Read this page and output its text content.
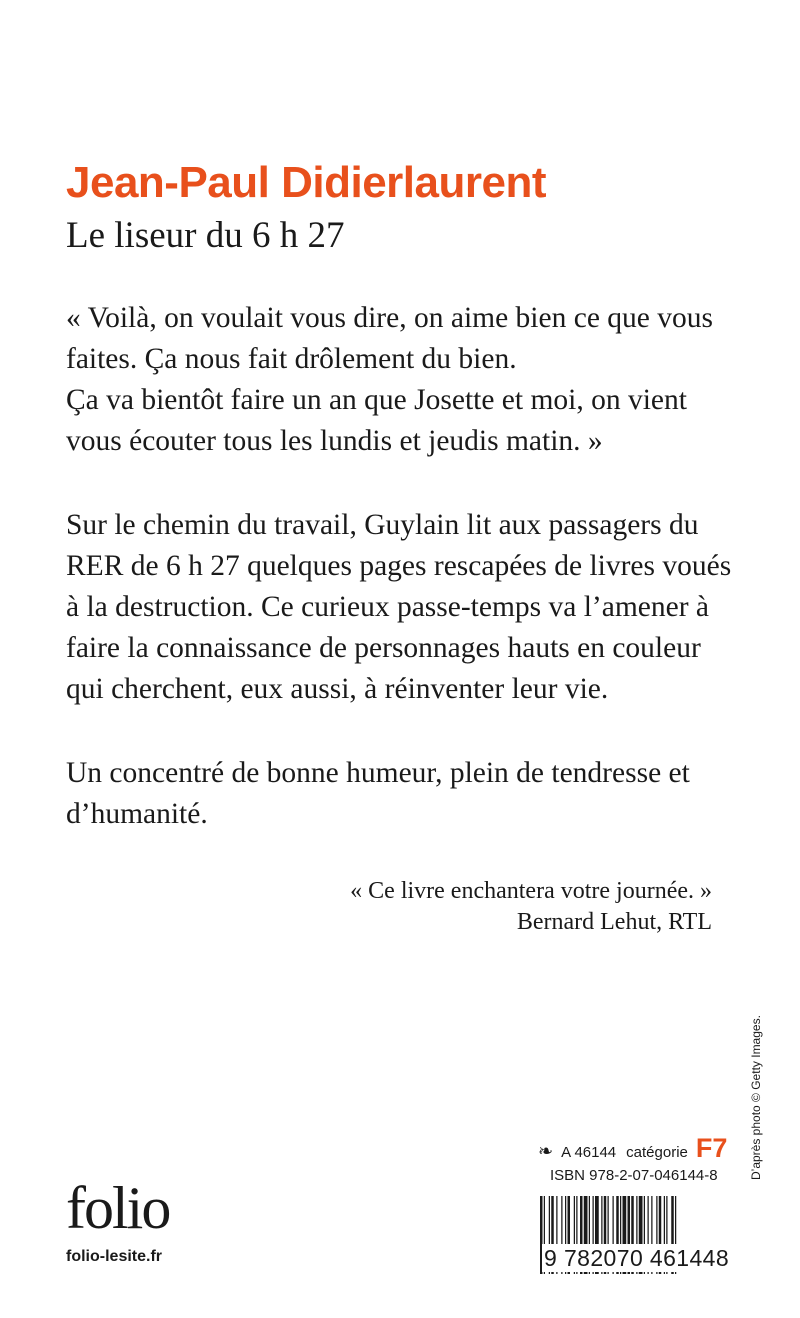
Jean-Paul Didierlaurent
Le liseur du 6 h 27
« Voilà, on voulait vous dire, on aime bien ce que vous
faites. Ça nous fait drôlement du bien.
Ça va bientôt faire un an que Josette et moi, on vient
vous écouter tous les lundis et jeudis matin. »
Sur le chemin du travail, Guylain lit aux passagers du
RER de 6 h 27 quelques pages rescapées de livres voués
à la destruction. Ce curieux passe-temps va l’amener à
faire la connaissance de personnages hauts en couleur
qui cherchent, eux aussi, à réinventer leur vie.
Un concentré de bonne humeur, plein de tendresse et
d’humanité.
« Ce livre enchantera votre journée. »
Bernard Lehut, RTL
D’après photo © Getty Images.
❧ A 46144 catégorie F7
ISBN 978-2-07-046144-8
9 782070 461448
folio
folio-lesite.fr
